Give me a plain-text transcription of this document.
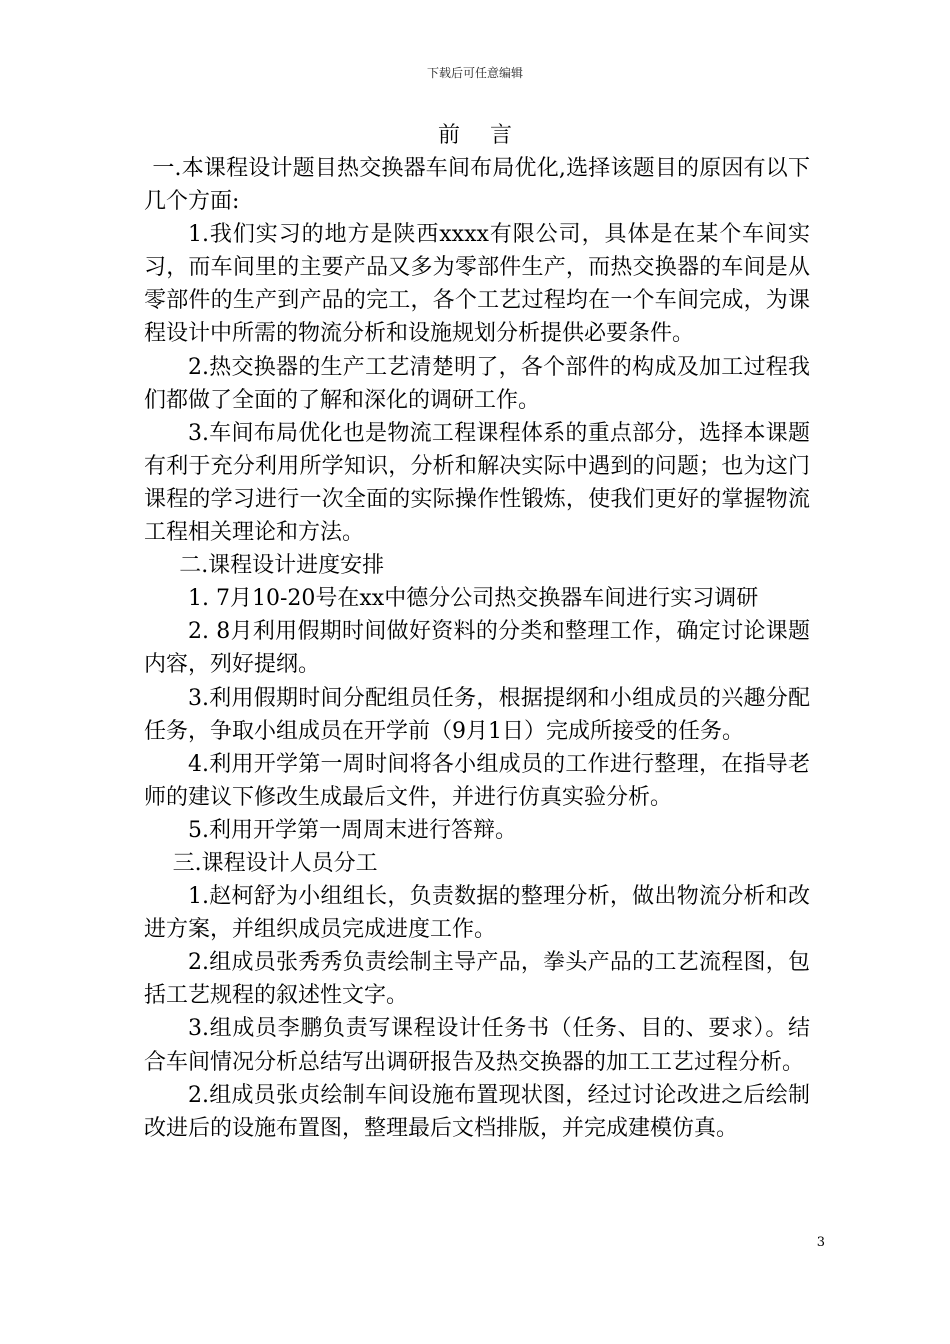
下载后可任意编辑
前言

一.本课程设计题目热交换器车间布局优化,选择该题目的原因有以下几个方面:

1.我们实习的地方是陕西xxxx有限公司，具体是在某个车间实习，而车间里的主要产品又多为零部件生产，而热交换器的车间是从零部件的生产到产品的完工，各个工艺过程均在一个车间完成，为课程设计中所需的物流分析和设施规划分析提供必要条件。

2.热交换器的生产工艺清楚明了，各个部件的构成及加工过程我们都做了全面的了解和深化的调研工作。

3.车间布局优化也是物流工程课程体系的重点部分，选择本课题有利于充分利用所学知识，分析和解决实际中遇到的问题；也为这门课程的学习进行一次全面的实际操作性锻炼，使我们更好的掌握物流工程相关理论和方法。

二.课程设计进度安排

1. 7月10-20号在xx中德分公司热交换器车间进行实习调研

2. 8月利用假期时间做好资料的分类和整理工作，确定讨论课题内容，列好提纲。

3.利用假期时间分配组员任务，根据提纲和小组成员的兴趣分配任务，争取小组成员在开学前（9月1日）完成所接受的任务。

4.利用开学第一周时间将各小组成员的工作进行整理，在指导老师的建议下修改生成最后文件，并进行仿真实验分析。

5.利用开学第一周周末进行答辩。

三.课程设计人员分工

1.赵柯舒为小组组长，负责数据的整理分析，做出物流分析和改进方案，并组织成员完成进度工作。

2.组成员张秀秀负责绘制主导产品，拳头产品的工艺流程图，包括工艺规程的叙述性文字。

3.组成员李鹏负责写课程设计任务书（任务、目的、要求）。结合车间情况分析总结写出调研报告及热交换器的加工工艺过程分析。

2.组成员张贞绘制车间设施布置现状图，经过讨论改进之后绘制改进后的设施布置图，整理最后文档排版，并完成建模仿真。

3
